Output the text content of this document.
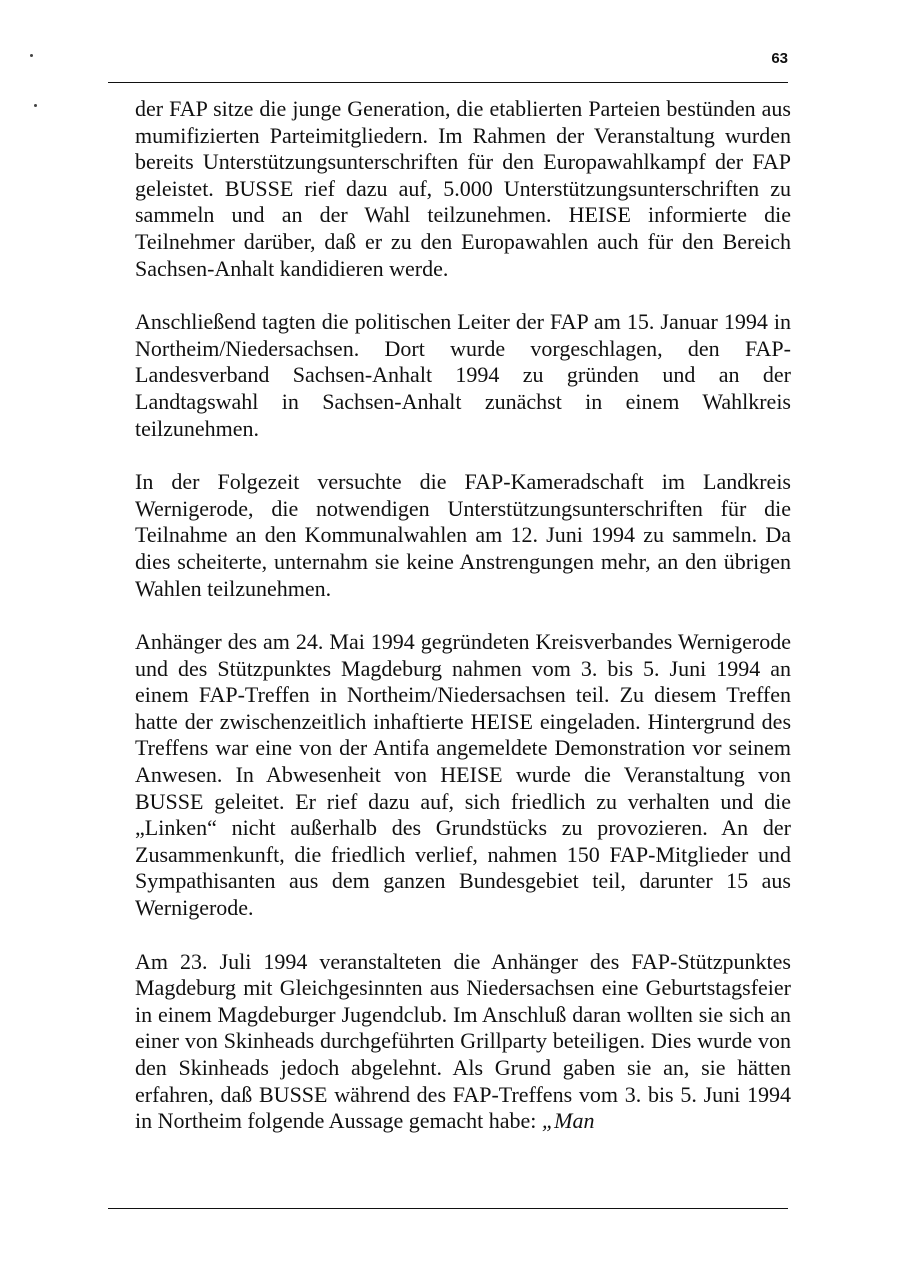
63

der FAP sitze die junge Generation, die etablierten Parteien bestünden aus mumifizierten Parteimitgliedern. Im Rahmen der Veranstaltung wurden bereits Unterstützungsunterschriften für den Europawahlkampf der FAP geleistet. BUSSE rief dazu auf, 5.000 Unterstützungsunterschriften zu sammeln und an der Wahl teilzunehmen. HEISE informierte die Teilnehmer darüber, daß er zu den Europawahlen auch für den Bereich Sachsen-Anhalt kandidieren werde.

Anschließend tagten die politischen Leiter der FAP am 15. Januar 1994 in Northeim/Niedersachsen. Dort wurde vorgeschlagen, den FAP-Landesverband Sachsen-Anhalt 1994 zu gründen und an der Landtagswahl in Sachsen-Anhalt zunächst in einem Wahlkreis teilzunehmen.

In der Folgezeit versuchte die FAP-Kameradschaft im Landkreis Wernigerode, die notwendigen Unterstützungsunterschriften für die Teilnahme an den Kommunalwahlen am 12. Juni 1994 zu sammeln. Da dies scheiterte, unternahm sie keine Anstrengungen mehr, an den übrigen Wahlen teilzunehmen.

Anhänger des am 24. Mai 1994 gegründeten Kreisverbandes Wernigerode und des Stützpunktes Magdeburg nahmen vom 3. bis 5. Juni 1994 an einem FAP-Treffen in Northeim/Niedersachsen teil. Zu diesem Treffen hatte der zwischenzeitlich inhaftierte HEISE eingeladen. Hintergrund des Treffens war eine von der Antifa angemeldete Demonstration vor seinem Anwesen. In Abwesenheit von HEISE wurde die Veranstaltung von BUSSE geleitet. Er rief dazu auf, sich friedlich zu verhalten und die „Linken“ nicht außerhalb des Grundstücks zu provozieren. An der Zusammenkunft, die friedlich verlief, nahmen 150 FAP-Mitglieder und Sympathisanten aus dem ganzen Bundesgebiet teil, darunter 15 aus Wernigerode.

Am 23. Juli 1994 veranstalteten die Anhänger des FAP-Stützpunktes Magdeburg mit Gleichgesinnten aus Niedersachsen eine Geburtstagsfeier in einem Magdeburger Jugendclub. Im Anschluß daran wollten sie sich an einer von Skinheads durchgeführten Grillparty beteiligen. Dies wurde von den Skinheads jedoch abgelehnt. Als Grund gaben sie an, sie hätten erfahren, daß BUSSE während des FAP-Treffens vom 3. bis 5. Juni 1994 in Northeim folgende Aussage gemacht habe: „Man
